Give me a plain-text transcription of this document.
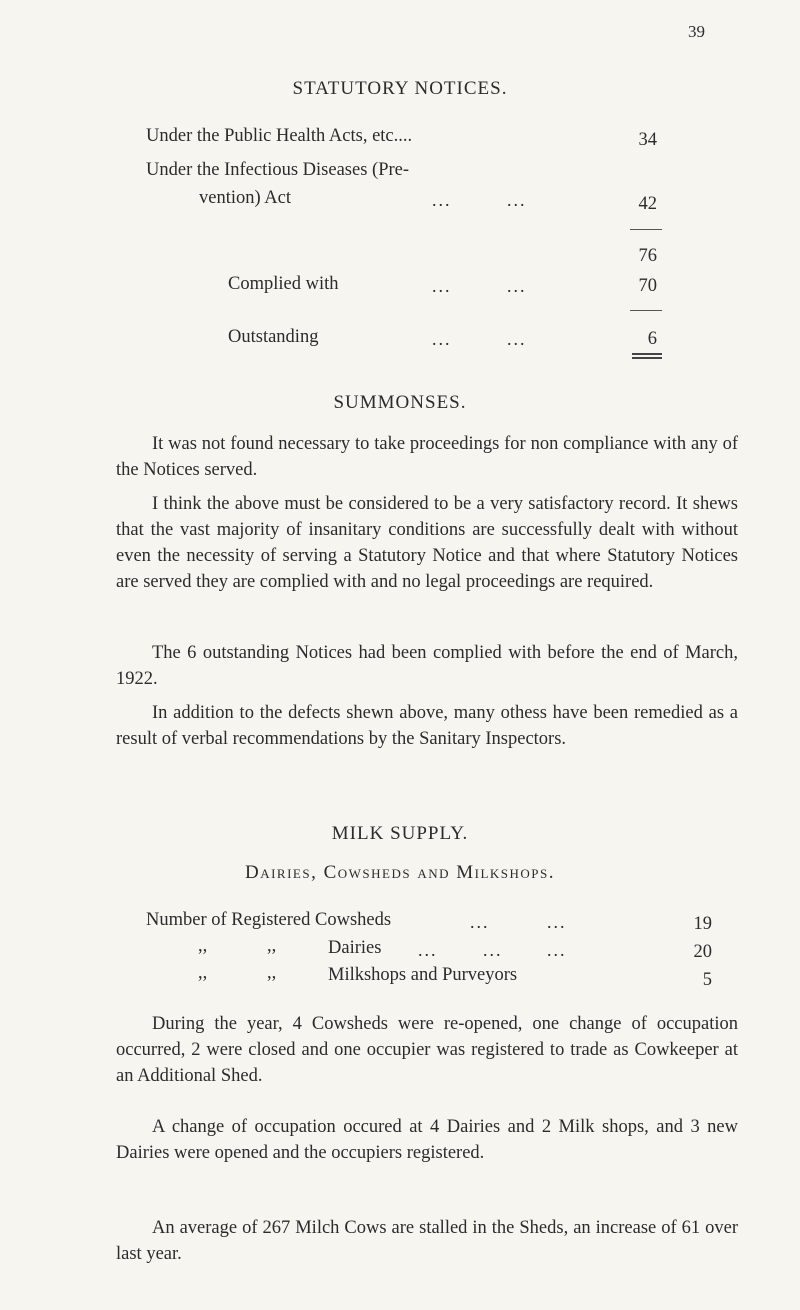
39
STATUTORY NOTICES.
Under the Public Health Acts, etc....	34
Under the Infectious Diseases (Pre-
vention) Act	...	...	42
76
Complied with	...	...	70
Outstanding	...	...	6
SUMMONSES.

It was not found necessary to take proceedings for non compliance with any of the Notices served.

I think the above must be considered to be a very satisfactory record. It shews that the vast majority of insanitary conditions are successfully dealt with without even the necessity of serving a Statutory Notice and that where Statutory Notices are served they are complied with and no legal proceedings are required.

The 6 outstanding Notices had been complied with before the end of March, 1922.

In addition to the defects shewn above, many othess have been remedied as a result of verbal recommendations by the Sanitary Inspectors.

MILK SUPPLY.
Dairies, Cowsheds and Milkshops.
Number of Registered Cowsheds	...	...	19
,,	,,	Dairies ...	... ...	20
,,	,,	Milkshops and Purveyors	5

During the year, 4 Cowsheds were re-opened, one change of occupation occurred, 2 were closed and one occupier was registered to trade as Cowkeeper at an Additional Shed.

A change of occupation occured at 4 Dairies and 2 Milk shops, and 3 new Dairies were opened and the occupiers registered.

An average of 267 Milch Cows are stalled in the Sheds, an increase of 61 over last year.
